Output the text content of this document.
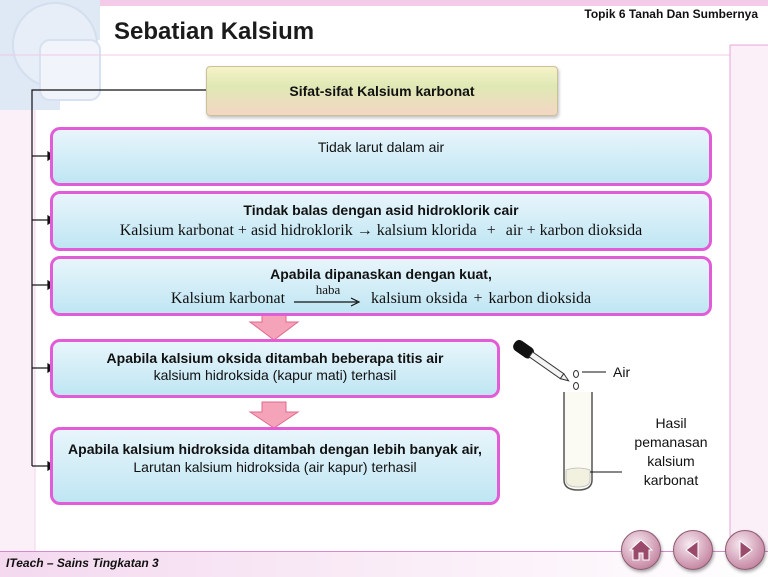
Sebatian Kalsium
Topik 6 Tanah Dan Sumbernya
Sifat-sifat Kalsium karbonat
Tidak larut dalam air
Tindak balas dengan asid hidroklorik cair
Kalsium karbonat + asid hidroklorik → kalsium klorida + air + karbon dioksida
Apabila dipanaskan dengan kuat,
Kalsium karbonat
haba
kalsium oksida + karbon dioksida
Apabila kalsium oksida ditambah beberapa titis air
kalsium hidroksida (kapur mati) terhasil
Apabila kalsium hidroksida ditambah dengan lebih banyak air,
Larutan kalsium hidroksida (air kapur) terhasil
Air
Hasil
pemanasan
kalsium
karbonat
ITeach – Sains Tingkatan 3
